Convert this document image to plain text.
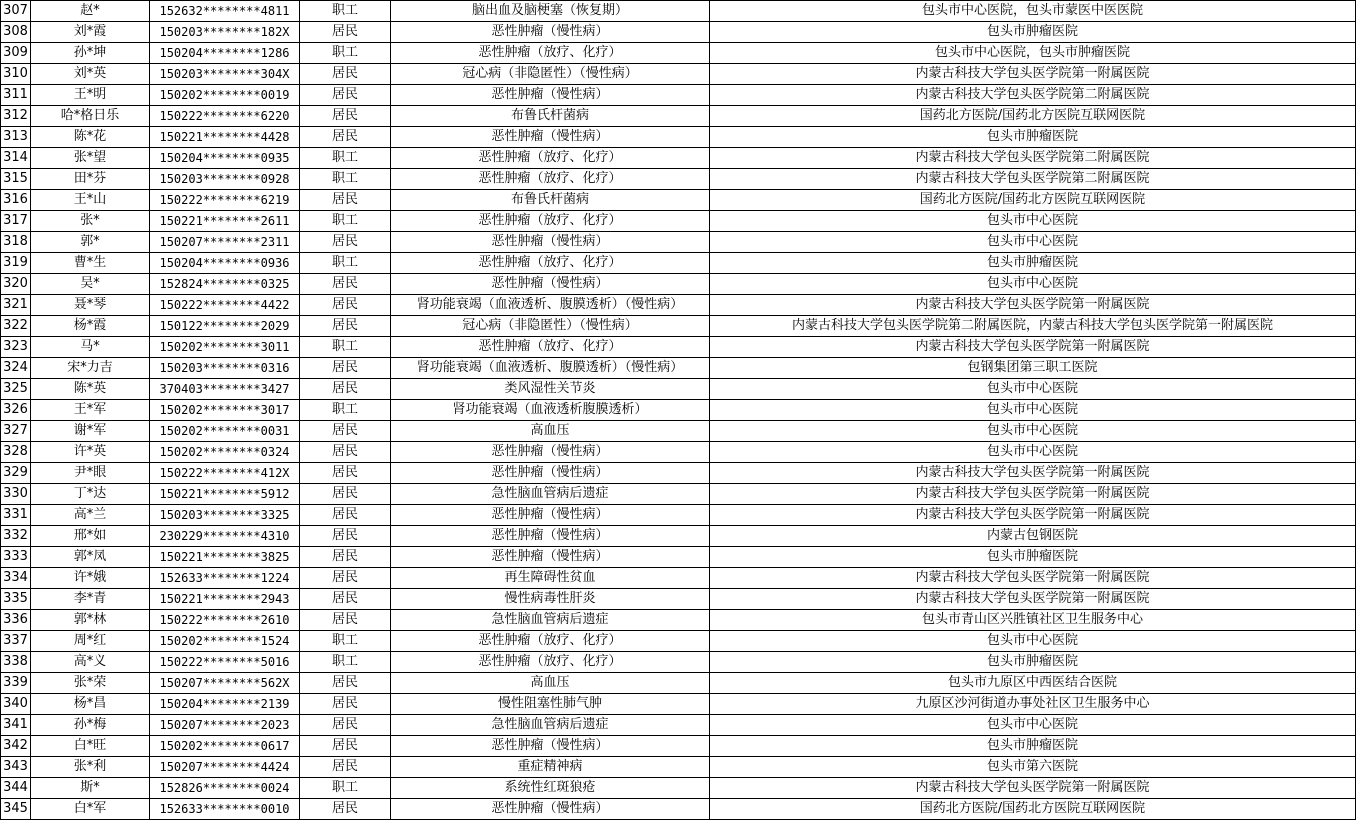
307	赵*	152632********4811	职工	脑出血及脑梗塞（恢复期）	包头市中心医院，包头市蒙医中医医院
308	刘*霞	150203********182X	居民	恶性肿瘤（慢性病）	包头市肿瘤医院
309	孙*坤	150204********1286	职工	恶性肿瘤（放疗、化疗）	包头市中心医院，包头市肿瘤医院
310	刘*英	150203********304X	居民	冠心病（非隐匿性）（慢性病）	内蒙古科技大学包头医学院第一附属医院
311	王*明	150202********0019	居民	恶性肿瘤（慢性病）	内蒙古科技大学包头医学院第二附属医院
312	哈*格日乐	150222********6220	居民	布鲁氏杆菌病	国药北方医院/国药北方医院互联网医院
313	陈*花	150221********4428	居民	恶性肿瘤（慢性病）	包头市肿瘤医院
314	张*望	150204********0935	职工	恶性肿瘤（放疗、化疗）	内蒙古科技大学包头医学院第二附属医院
315	田*芬	150203********0928	职工	恶性肿瘤（放疗、化疗）	内蒙古科技大学包头医学院第二附属医院
316	王*山	150222********6219	居民	布鲁氏杆菌病	国药北方医院/国药北方医院互联网医院
317	张*	150221********2611	职工	恶性肿瘤（放疗、化疗）	包头市中心医院
318	郭*	150207********2311	居民	恶性肿瘤（慢性病）	包头市中心医院
319	曹*生	150204********0936	职工	恶性肿瘤（放疗、化疗）	包头市肿瘤医院
320	吴*	152824********0325	居民	恶性肿瘤（慢性病）	包头市中心医院
321	聂*琴	150222********4422	居民	肾功能衰竭（血液透析、腹膜透析）（慢性病）	内蒙古科技大学包头医学院第一附属医院
322	杨*霞	150122********2029	居民	冠心病（非隐匿性）（慢性病）	内蒙古科技大学包头医学院第二附属医院，内蒙古科技大学包头医学院第一附属医院
323	马*	150202********3011	职工	恶性肿瘤（放疗、化疗）	内蒙古科技大学包头医学院第一附属医院
324	宋*力吉	150203********0316	居民	肾功能衰竭（血液透析、腹膜透析）（慢性病）	包钢集团第三职工医院
325	陈*英	370403********3427	居民	类风湿性关节炎	包头市中心医院
326	王*军	150202********3017	职工	肾功能衰竭（血液透析腹膜透析）	包头市中心医院
327	谢*军	150202********0031	居民	高血压	包头市中心医院
328	许*英	150202********0324	居民	恶性肿瘤（慢性病）	包头市中心医院
329	尹*眼	150222********412X	居民	恶性肿瘤（慢性病）	内蒙古科技大学包头医学院第一附属医院
330	丁*达	150221********5912	居民	急性脑血管病后遗症	内蒙古科技大学包头医学院第一附属医院
331	高*兰	150203********3325	居民	恶性肿瘤（慢性病）	内蒙古科技大学包头医学院第一附属医院
332	邢*如	230229********4310	居民	恶性肿瘤（慢性病）	内蒙古包钢医院
333	郭*凤	150221********3825	居民	恶性肿瘤（慢性病）	包头市肿瘤医院
334	许*娥	152633********1224	居民	再生障碍性贫血	内蒙古科技大学包头医学院第一附属医院
335	李*青	150221********2943	居民	慢性病毒性肝炎	内蒙古科技大学包头医学院第一附属医院
336	郭*林	150222********2610	居民	急性脑血管病后遗症	包头市青山区兴胜镇社区卫生服务中心
337	周*红	150202********1524	职工	恶性肿瘤（放疗、化疗）	包头市中心医院
338	高*义	150222********5016	职工	恶性肿瘤（放疗、化疗）	包头市肿瘤医院
339	张*荣	150207********562X	居民	高血压	包头市九原区中西医结合医院
340	杨*昌	150204********2139	居民	慢性阻塞性肺气肿	九原区沙河街道办事处社区卫生服务中心
341	孙*梅	150207********2023	居民	急性脑血管病后遗症	包头市中心医院
342	白*旺	150202********0617	居民	恶性肿瘤（慢性病）	包头市肿瘤医院
343	张*利	150207********4424	居民	重症精神病	包头市第六医院
344	斯*	152826********0024	职工	系统性红斑狼疮	内蒙古科技大学包头医学院第一附属医院
345	白*军	152633********0010	居民	恶性肿瘤（慢性病）	国药北方医院/国药北方医院互联网医院
